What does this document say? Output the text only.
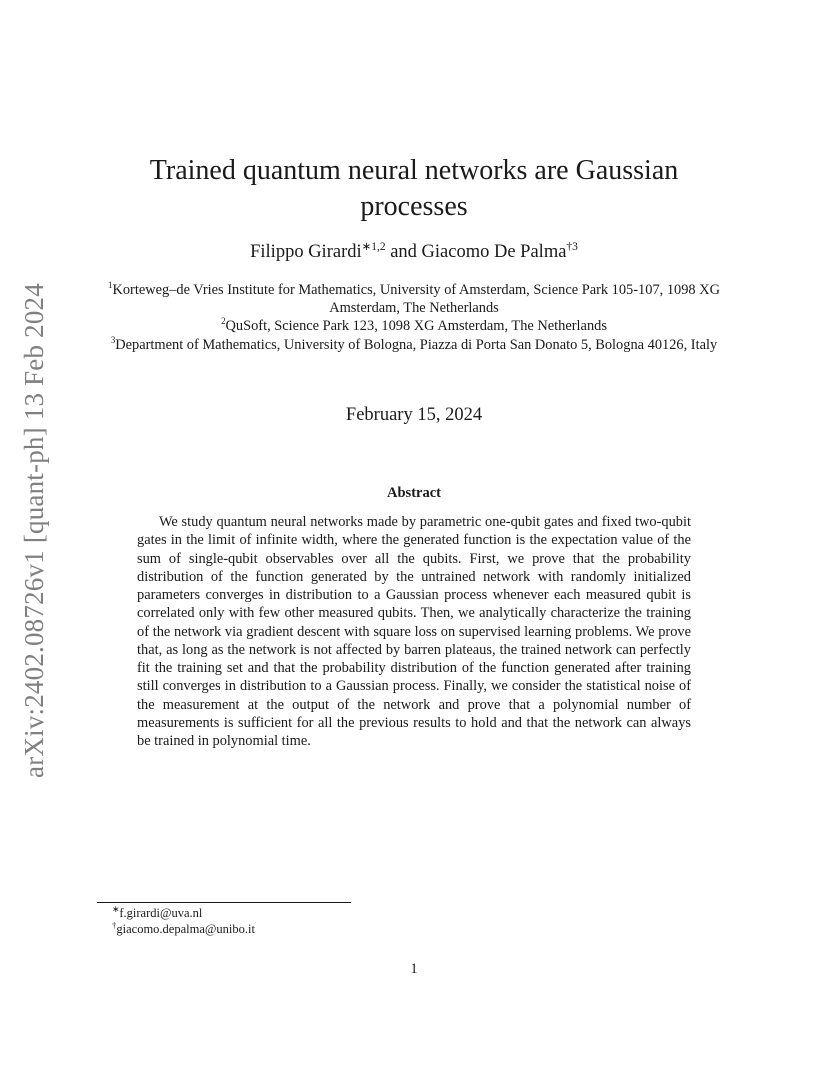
arXiv:2402.08726v1 [quant-ph] 13 Feb 2024
Trained quantum neural networks are Gaussian processes
Filippo Girardi$^{∗1,2}$ and Giacomo De Palma$^{\dagger 3}$
$^1$Korteweg–de Vries Institute for Mathematics, University of Amsterdam, Science Park 105-107, 1098 XG Amsterdam, The Netherlands
$^2$QuSoft, Science Park 123, 1098 XG Amsterdam, The Netherlands
$^3$Department of Mathematics, University of Bologna, Piazza di Porta San Donato 5, Bologna 40126, Italy
February 15, 2024
Abstract

We study quantum neural networks made by parametric one-qubit gates and fixed two-qubit gates in the limit of infinite width, where the generated function is the expectation value of the sum of single-qubit observables over all the qubits. First, we prove that the probability distribution of the function generated by the untrained network with randomly initialized parameters converges in distribution to a Gaussian process whenever each measured qubit is correlated only with few other measured qubits. Then, we analytically characterize the training of the network via gradient descent with square loss on supervised learning problems. We prove that, as long as the network is not affected by barren plateaus, the trained network can perfectly fit the training set and that the probability distribution of the function generated after training still converges in distribution to a Gaussian process. Finally, we consider the statistical noise of the measurement at the output of the network and prove that a polynomial number of measurements is sufficient for all the previous results to hold and that the network can always be trained in polynomial time.

∗f.girardi@uva.nl
†giacomo.depalma@unibo.it
1
